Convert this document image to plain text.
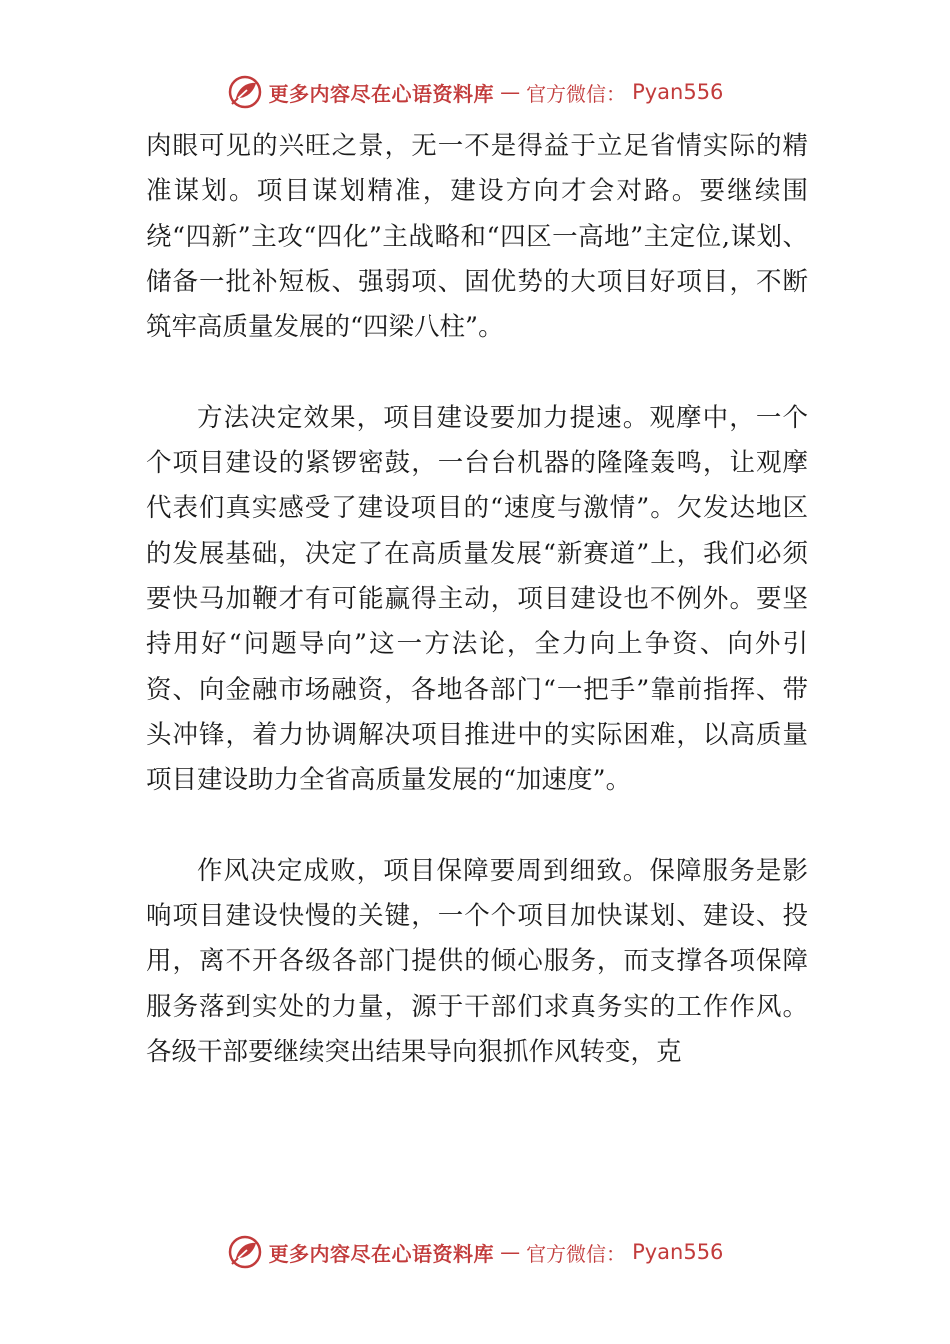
更多内容尽在心语资料库 — 官方微信： Pyan556

肉眼可见的兴旺之景，无一不是得益于立足省情实际的精准谋划。项目谋划精准，建设方向才会对路。要继续围绕“四新”主攻“四化”主战略和“四区一高地”主定位,谋划、储备一批补短板、强弱项、固优势的大项目好项目，不断筑牢高质量发展的“四梁八柱”。

方法决定效果，项目建设要加力提速。观摩中，一个个项目建设的紧锣密鼓，一台台机器的隆隆轰鸣，让观摩代表们真实感受了建设项目的“速度与激情”。欠发达地区的发展基础，决定了在高质量发展“新赛道”上，我们必须要快马加鞭才有可能赢得主动，项目建设也不例外。要坚持用好“问题导向”这一方法论，全力向上争资、向外引资、向金融市场融资，各地各部门“一把手”靠前指挥、带头冲锋，着力协调解决项目推进中的实际困难，以高质量项目建设助力全省高质量发展的“加速度”。

作风决定成败，项目保障要周到细致。保障服务是影响项目建设快慢的关键，一个个项目加快谋划、建设、投用，离不开各级各部门提供的倾心服务，而支撑各项保障服务落到实处的力量，源于干部们求真务实的工作作风。各级干部要继续突出结果导向狠抓作风转变，克

更多内容尽在心语资料库 — 官方微信： Pyan556
